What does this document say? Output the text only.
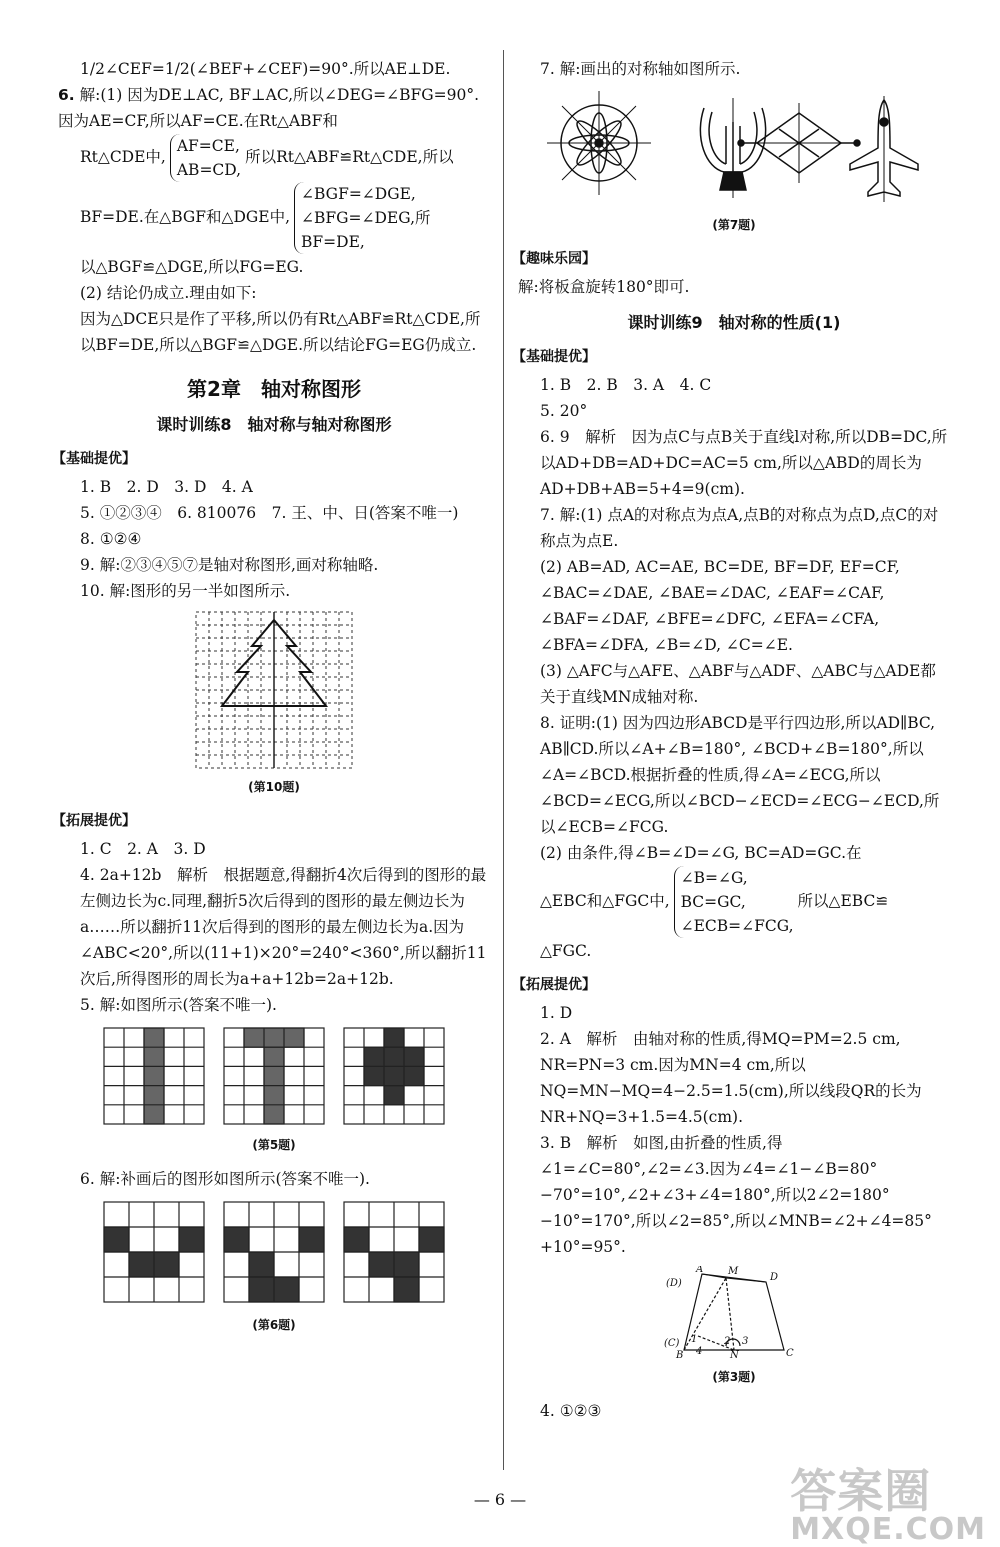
1/2∠CEF=1/2(∠BEF+∠CEF)=90°.所以AE⊥DE.

6. 解:(1) 因为DE⊥AC, BF⊥AC,所以∠DEG=∠BFG=90°.因为AE=CF,所以AF=CE.在Rt△ABF和

Rt△CDE中,AF=CE,
AB=CD,所以Rt△ABF≌Rt△CDE,所以

BF=DE.在△BGF和△DGE中,∠BGF=∠DGE,
∠BFG=∠DEG,所
BF=DE,

以△BGF≌△DGE,所以FG=EG.

(2) 结论仍成立.理由如下:

因为△DCE只是作了平移,所以仍有Rt△ABF≌Rt△CDE,所以BF=DE,所以△BGF≌△DGE.所以结论FG=EG仍成立.

第2章　轴对称图形
课时训练8　轴对称与轴对称图形
【基础提优】

1. B　2. D　3. D　4. A

5. ①②③④　6. 810076　7. 王、中、日(答案不唯一)

8. ①②④

9. 解:②③④⑤⑦是轴对称图形,画对称轴略.

10. 解:图形的另一半如图所示.

(第10题)
【拓展提优】

1. C　2. A　3. D

4. 2a+12b　解析　根据题意,得翻折4次后得到的图形的最左侧边长为c.同理,翻折5次后得到的图形的最左侧边长为a……所以翻折11次后得到的图形的最左侧边长为a.因为∠ABC<20°,所以(11+1)×20°=240°<360°,所以翻折11次后,所得图形的周长为a+a+12b=2a+12b.

5. 解:如图所示(答案不唯一).

(第5题)

6. 解:补画后的图形如图所示(答案不唯一).

(第6题)

7. 解:画出的对称轴如图所示.

(第7题)
【趣味乐园】

解:将板盒旋转180°即可.

课时训练9　轴对称的性质(1)
【基础提优】

1. B　2. B　3. A　4. C

5. 20°

6. 9　解析　因为点C与点B关于直线l对称,所以DB=DC,所以AD+DB=AD+DC=AC=5 cm,所以△ABD的周长为AD+DB+AB=5+4=9(cm).

7. 解:(1) 点A的对称点为点A,点B的对称点为点D,点C的对称点为点E.

(2) AB=AD, AC=AE, BC=DE, BF=DF, EF=CF, ∠BAC=∠DAE, ∠BAE=∠DAC, ∠EAF=∠CAF, ∠BAF=∠DAF, ∠BFE=∠DFC, ∠EFA=∠CFA, ∠BFA=∠DFA, ∠B=∠D, ∠C=∠E.

(3) △AFC与△AFE、△ABF与△ADF、△ABC与△ADE都关于直线MN成轴对称.

8. 证明:(1) 因为四边形ABCD是平行四边形,所以AD∥BC, AB∥CD.所以∠A+∠B=180°, ∠BCD+∠B=180°,所以∠A=∠BCD.根据折叠的性质,得∠A=∠ECG,所以∠BCD=∠ECG,所以∠BCD−∠ECD=∠ECG−∠ECD,所以∠ECB=∠FCG.

(2) 由条件,得∠B=∠D=∠G, BC=AD=GC.在

△EBC和△FGC中,∠B=∠G,
BC=GC,
∠ECB=∠FCG,所以△EBC≌

△FGC.

【拓展提优】

1. D

2. A　解析　由轴对称的性质,得MQ=PM=2.5 cm, NR=PN=3 cm.因为MN=4 cm,所以NQ=MN−MQ=4−2.5=1.5(cm),所以线段QR的长为NR+NQ=3+1.5=4.5(cm).

3. B　解析　如图,由折叠的性质,得∠1=∠C=80°,∠2=∠3.因为∠4=∠1−∠B=80°−70°=10°,∠2+∠3+∠4=180°,所以2∠2=180°−10°=170°,所以∠2=85°,所以∠MNB=∠2+∠4=85°+10°=95°.

A M
D
(D)
(C) 1	2 3
4
B	N	C
(第3题)

4. ①②③

— 6 —	答案圈
MXQE.COM
